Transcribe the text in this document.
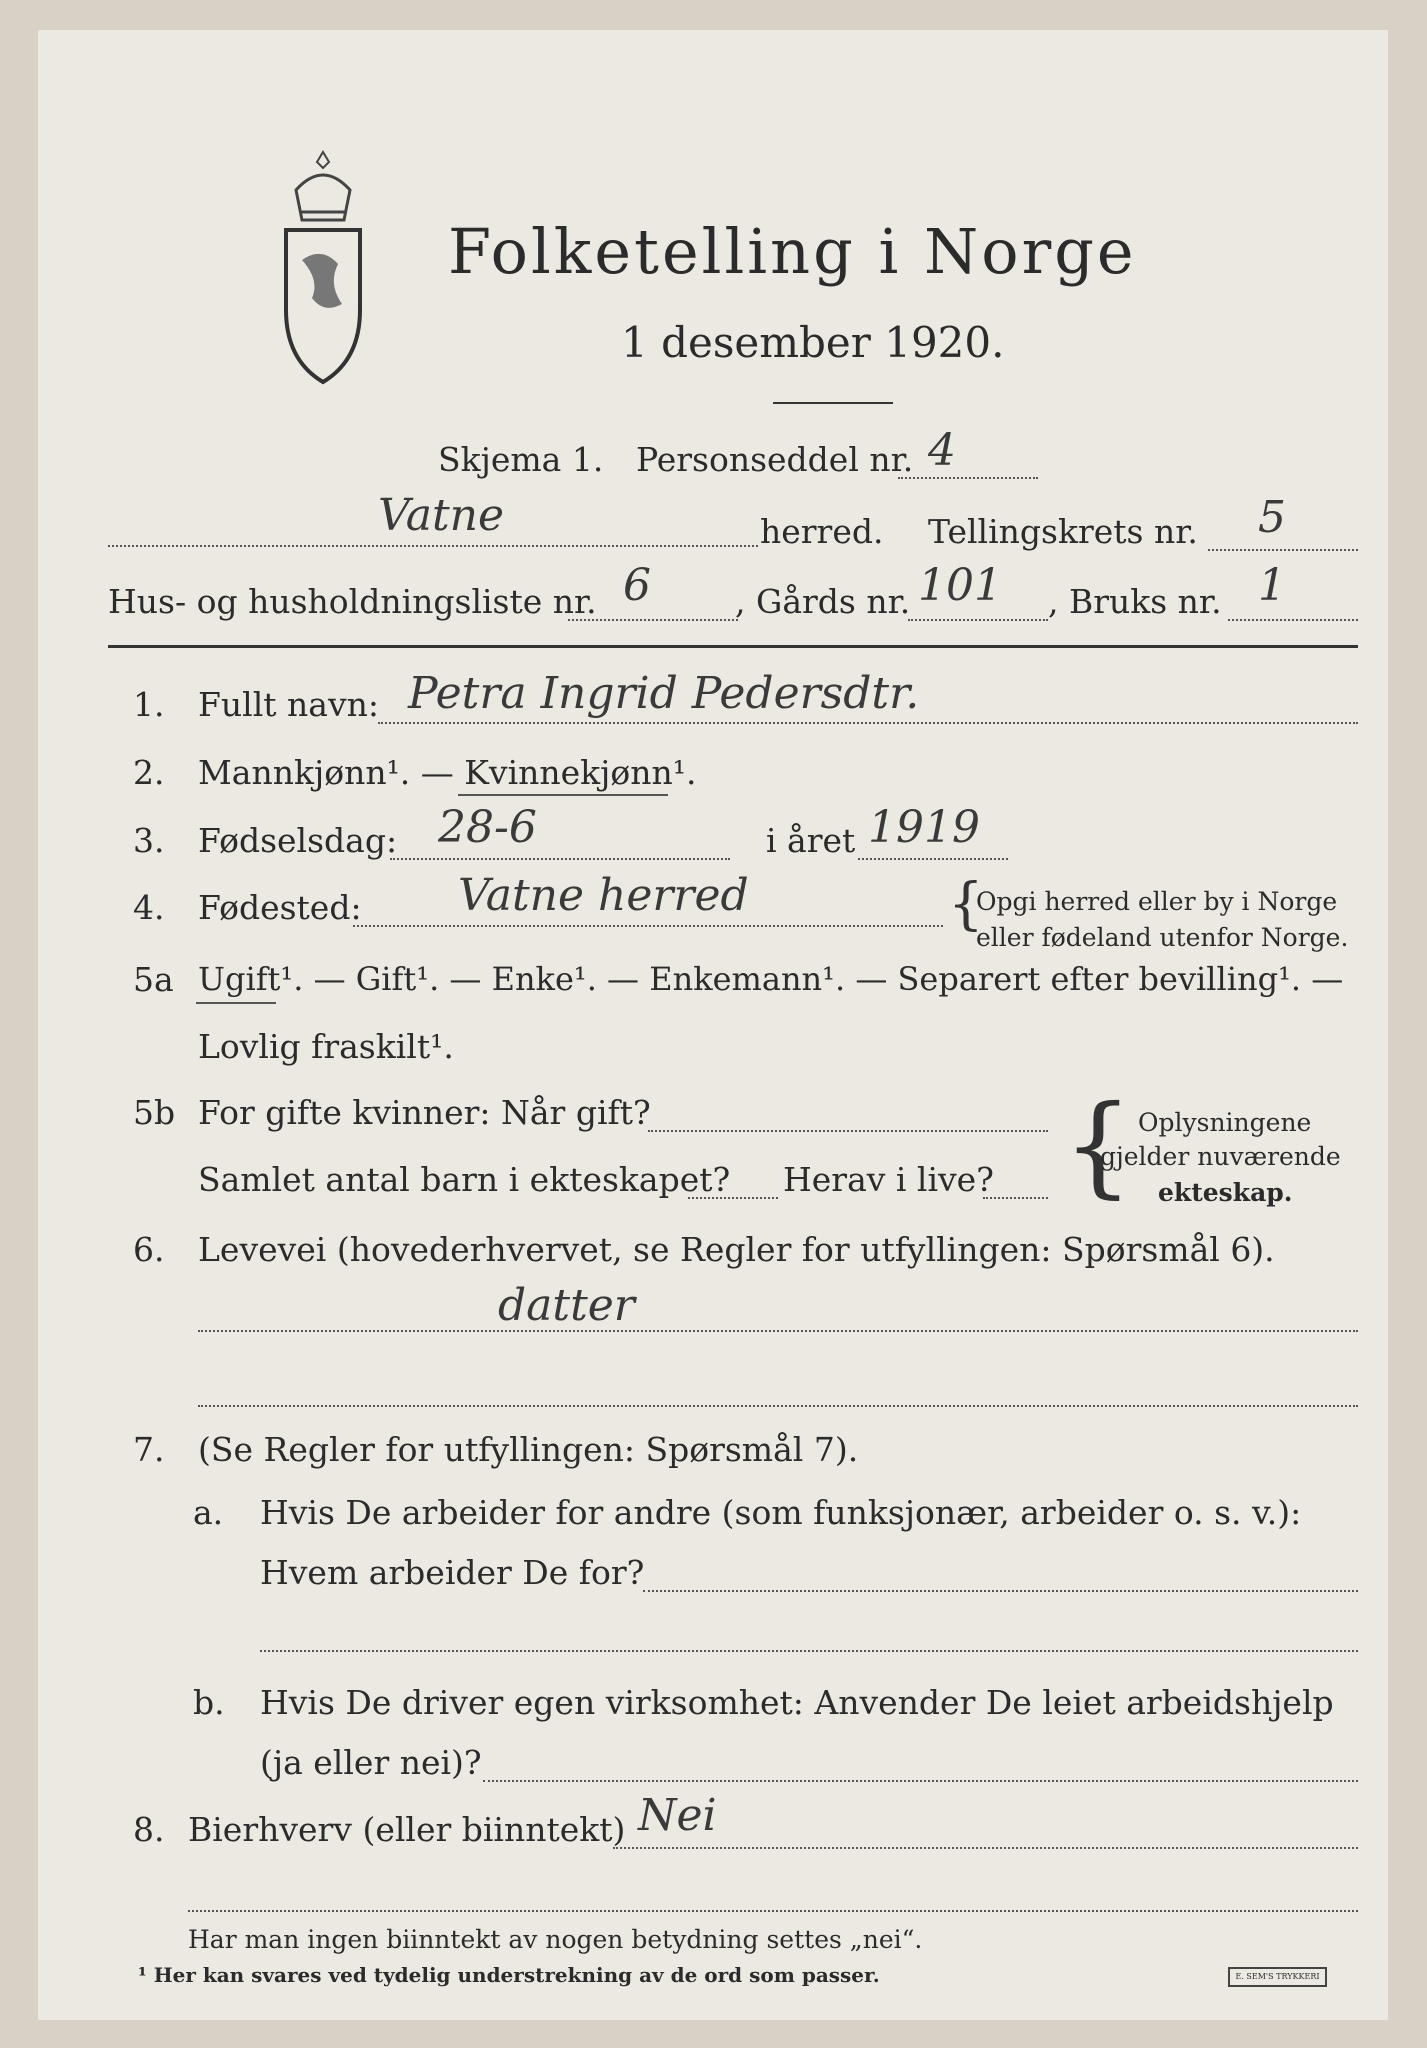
Folketelling i Norge
1 desember 1920.
Skjema 1. Personseddel nr. 4
Vatne	herred. Tellingskrets nr. 5
Hus- og husholdningsliste nr. 6	, Gårds nr. 101 , Bruks nr. 1
1. Fullt navn: Petra Ingrid Pedersdtr.
2. Mannkjønn¹. — Kvinnekjønn¹.
3. Fødselsdag: 28-6	i året 1919
4. Fødested: Vatne herred	{
Opgi herred eller by i Norge
eller fødeland utenfor Norge.
5a Ugift¹. — Gift¹. — Enke¹. — Enkemann¹. — Separert efter bevilling¹. —
Lovlig fraskilt¹.
5b For gifte kvinner: Når gift?
Samlet antal barn i ekteskapet? Herav i live? { Oplysningene
gjelder nuværende
ekteskap.
6. Levevei (hovederhvervet, se Regler for utfyllingen: Spørsmål 6).
datter
7. (Se Regler for utfyllingen: Spørsmål 7).
a. Hvis De arbeider for andre (som funksjonær, arbeider o. s. v.):
Hvem arbeider De for?
b. Hvis De driver egen virksomhet: Anvender De leiet arbeidshjelp
(ja eller nei)?
8. Bierhverv (eller biinntekt) Nei
Har man ingen biinntekt av nogen betydning settes „nei“.
¹ Her kan svares ved tydelig understrekning av de ord som passer.	E. SEM'S TRYKKERI
